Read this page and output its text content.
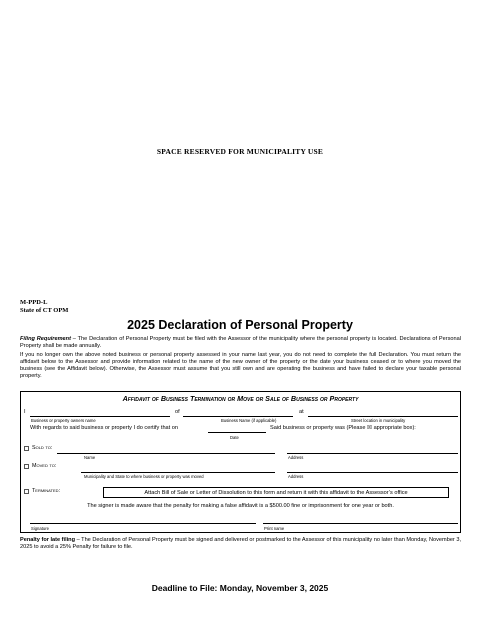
SPACE RESERVED FOR MUNICIPALITY USE
M-PPD-L
State of CT OPM
2025 Declaration of Personal Property
Filing Requirement – The Declaration of Personal Property must be filed with the Assessor of the municipality where the personal property is located. Declarations of Personal Property shall be made annually.
If you no longer own the above noted business or personal property assessed in your name last year, you do not need to complete the full Declaration. You must return the affidavit below to the Assessor and provide information related to the name of the new owner of the property or the date your business ceased or to where you moved the business (see the Affidavit below). Otherwise, the Assessor must assume that you still own and are operating the business and have failed to declare your taxable personal property.
Affidavit of Business Termination or Move or Sale of Business or Property
I	of	at
Business or property owners name	Business Name (if applicable)	Street location in municipality
With regards to said business or property I do certify that on
Date
Said business or property was (Please ☒ appropriate box):
Sold to:
Name	Address
Moved to:
Municipality and State to where business or property was moved	Address
Terminated:	Attach Bill of Sale or Letter of Dissolution to this form and return it with this affidavit to the Assessor’s office
The signer is made aware that the penalty for making a false affidavit is a $500.00 fine or imprisonment for one year or both.
Signature	Print name
Penalty for late filing – The Declaration of Personal Property must be signed and delivered or postmarked to the Assessor of this municipality no later than Monday, November 3, 2025 to avoid a 25% Penalty for failure to file.
Deadline to File: Monday, November 3, 2025
